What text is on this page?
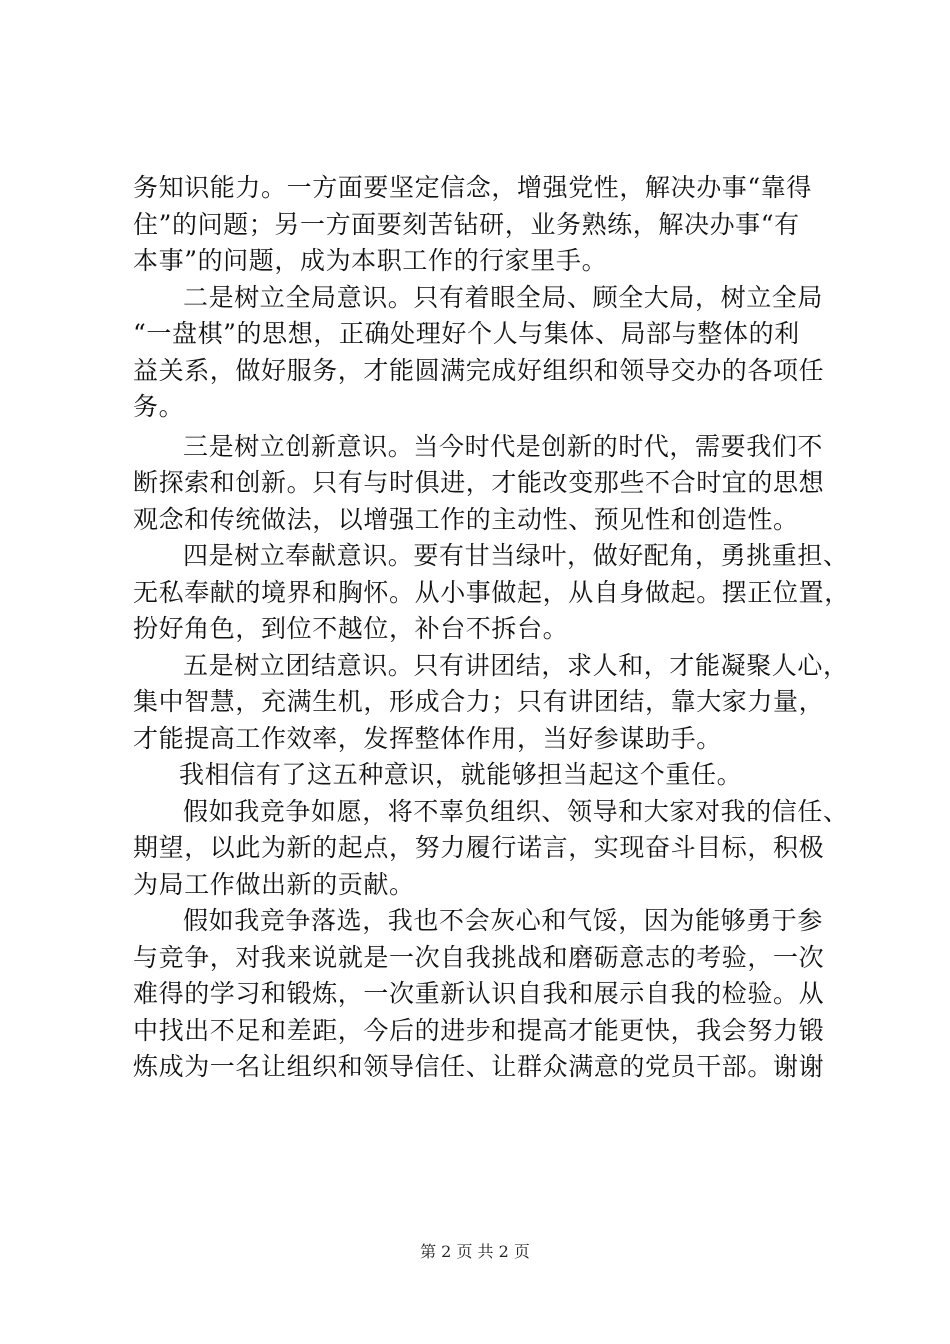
务知识能力。一方面要坚定信念，增强党性，解决办事“靠得
住”的问题；另一方面要刻苦钻研，业务熟练，解决办事“有
本事”的问题，成为本职工作的行家里手。
二是树立全局意识。只有着眼全局、顾全大局，树立全局
“一盘棋”的思想，正确处理好个人与集体、局部与整体的利
益关系，做好服务，才能圆满完成好组织和领导交办的各项任
务。
三是树立创新意识。当今时代是创新的时代，需要我们不
断探索和创新。只有与时俱进，才能改变那些不合时宜的思想
观念和传统做法，以增强工作的主动性、预见性和创造性。
四是树立奉献意识。要有甘当绿叶，做好配角，勇挑重担、
无私奉献的境界和胸怀。从小事做起，从自身做起。摆正位置，
扮好角色，到位不越位，补台不拆台。
五是树立团结意识。只有讲团结，求人和，才能凝聚人心，
集中智慧，充满生机，形成合力；只有讲团结，靠大家力量，
才能提高工作效率，发挥整体作用，当好参谋助手。
我相信有了这五种意识，就能够担当起这个重任。
假如我竞争如愿，将不辜负组织、领导和大家对我的信任、
期望，以此为新的起点，努力履行诺言，实现奋斗目标，积极
为局工作做出新的贡献。
假如我竞争落选，我也不会灰心和气馁，因为能够勇于参
与竞争，对我来说就是一次自我挑战和磨砺意志的考验，一次
难得的学习和锻炼，一次重新认识自我和展示自我的检验。从
中找出不足和差距，今后的进步和提高才能更快，我会努力锻
炼成为一名让组织和领导信任、让群众满意的党员干部。谢谢
第 2 页 共 2 页
